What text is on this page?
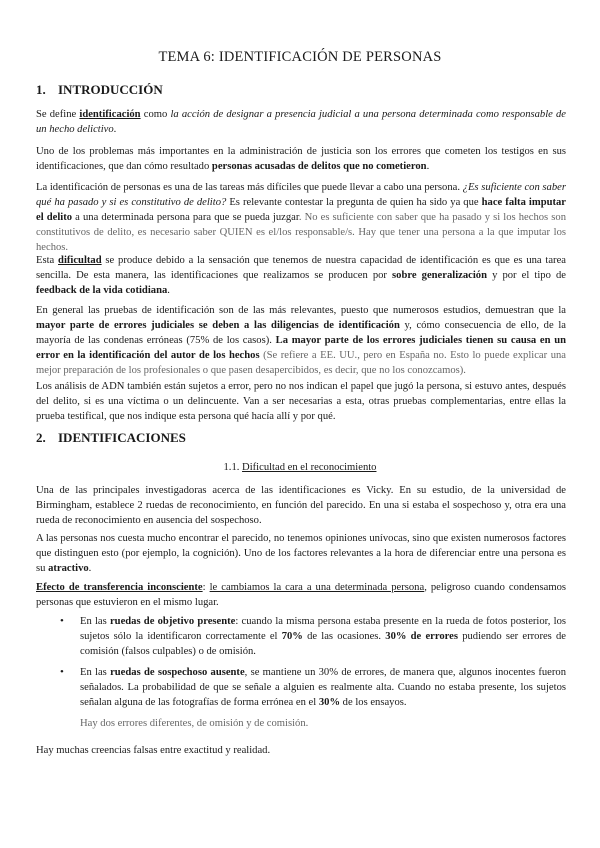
TEMA 6: IDENTIFICACIÓN DE PERSONAS
1. INTRODUCCIÓN
Se define identificación como la acción de designar a presencia judicial a una persona determinada como responsable de un hecho delictivo.
Uno de los problemas más importantes en la administración de justicia son los errores que cometen los testigos en sus identificaciones, que dan cómo resultado personas acusadas de delitos que no cometieron.
La identificación de personas es una de las tareas más difíciles que puede llevar a cabo una persona. ¿Es suficiente con saber qué ha pasado y si es constitutivo de delito? Es relevante contestar la pregunta de quien ha sido ya que hace falta imputar el delito a una determinada persona para que se pueda juzgar. No es suficiente con saber que ha pasado y si los hechos son constitutivos de delito, es necesario saber QUIEN es el/los responsable/s. Hay que tener una persona a la que imputar los hechos.
Esta dificultad se produce debido a la sensación que tenemos de nuestra capacidad de identificación es que es una tarea sencilla. De esta manera, las identificaciones que realizamos se producen por sobre generalización y por el tipo de feedback de la vida cotidiana.
En general las pruebas de identificación son de las más relevantes, puesto que numerosos estudios, demuestran que la mayor parte de errores judiciales se deben a las diligencias de identificación y, cómo consecuencia de ello, de la mayoría de las condenas erróneas (75% de los casos). La mayor parte de los errores judiciales tienen su causa en un error en la identificación del autor de los hechos (Se refiere a EE. UU., pero en España no. Esto lo puede explicar una mejor preparación de los profesionales o que pasen desapercibidos, es decir, que no los conozcamos).
Los análisis de ADN también están sujetos a error, pero no nos indican el papel que jugó la persona, si estuvo antes, después del delito, si es una víctima o un delincuente. Van a ser necesarias a esta, otras pruebas complementarias, entre ellas la prueba testifical, que nos indique esta persona qué hacía allí y por qué.
2. IDENTIFICACIONES
1.1. Dificultad en el reconocimiento
Una de las principales investigadoras acerca de las identificaciones es Vicky. En su estudio, de la universidad de Birmingham, establece 2 ruedas de reconocimiento, en función del parecido. En una si estaba el sospechoso y, otra era una rueda de reconocimiento en ausencia del sospechoso.
A las personas nos cuesta mucho encontrar el parecido, no tenemos opiniones unívocas, sino que existen numerosos factores que distinguen esto (por ejemplo, la cognición). Uno de los factores relevantes a la hora de diferenciar entre una persona es su atractivo.
Efecto de transferencia inconsciente: le cambiamos la cara a una determinada persona, peligroso cuando condensamos personas que estuvieron en el mismo lugar.
• En las ruedas de objetivo presente: cuando la misma persona estaba presente en la rueda de fotos posterior, los sujetos sólo la identificaron correctamente el 70% de las ocasiones. 30% de errores pudiendo ser errores de comisión (falsos culpables) o de omisión.
• En las ruedas de sospechoso ausente, se mantiene un 30% de errores, de manera que, algunos inocentes fueron señalados. La probabilidad de que se señale a alguien es realmente alta. Cuando no estaba presente, los sujetos señalan alguna de las fotografías de forma errónea en el 30% de los ensayos.
Hay dos errores diferentes, de omisión y de comisión.
Hay muchas creencias falsas entre exactitud y realidad.
